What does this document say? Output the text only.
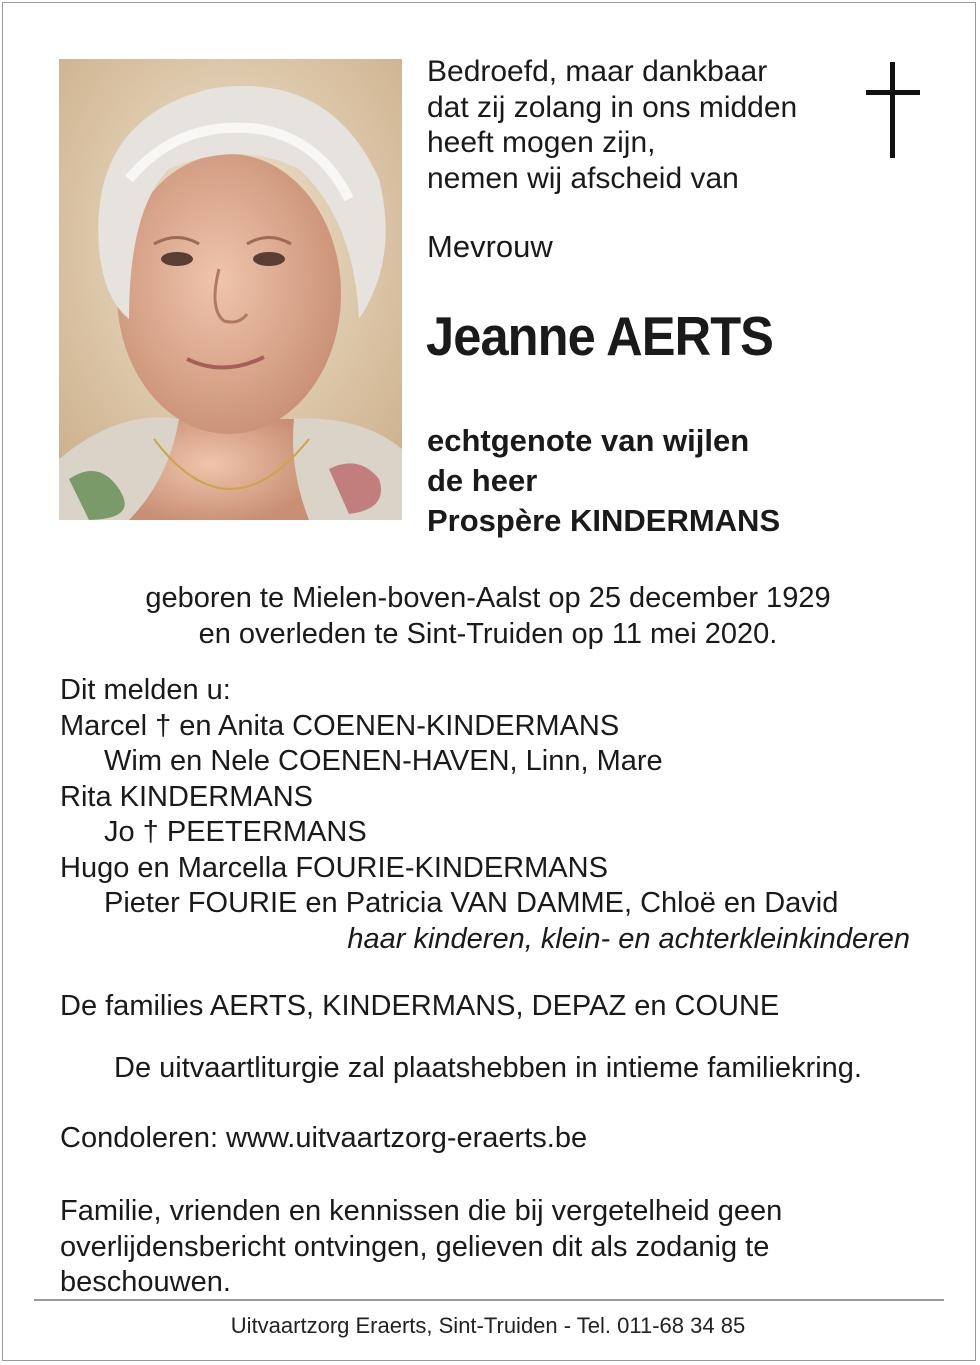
Bedroefd, maar dankbaar
dat zij zolang in ons midden
heeft mogen zijn,
nemen wij afscheid van
Mevrouw
Jeanne AERTS
echtgenote van wijlen
de heer
Prospère KINDERMANS
geboren te Mielen-boven-Aalst op 25 december 1929
en overleden te Sint-Truiden op 11 mei 2020.
Dit melden u:
Marcel † en Anita COENEN-KINDERMANS
Wim en Nele COENEN-HAVEN, Linn, Mare
Rita KINDERMANS
Jo † PEETERMANS
Hugo en Marcella FOURIE-KINDERMANS
Pieter FOURIE en Patricia VAN DAMME, Chloë en David
haar kinderen, klein- en achterkleinkinderen
De families AERTS, KINDERMANS, DEPAZ en COUNE
De uitvaartliturgie zal plaatshebben in intieme familiekring.
Condoleren: www.uitvaartzorg-eraerts.be
Familie, vrienden en kennissen die bij vergetelheid geen
overlijdensbericht ontvingen, gelieven dit als zodanig te
beschouwen.
Uitvaartzorg Eraerts, Sint-Truiden - Tel. 011-68 34 85
